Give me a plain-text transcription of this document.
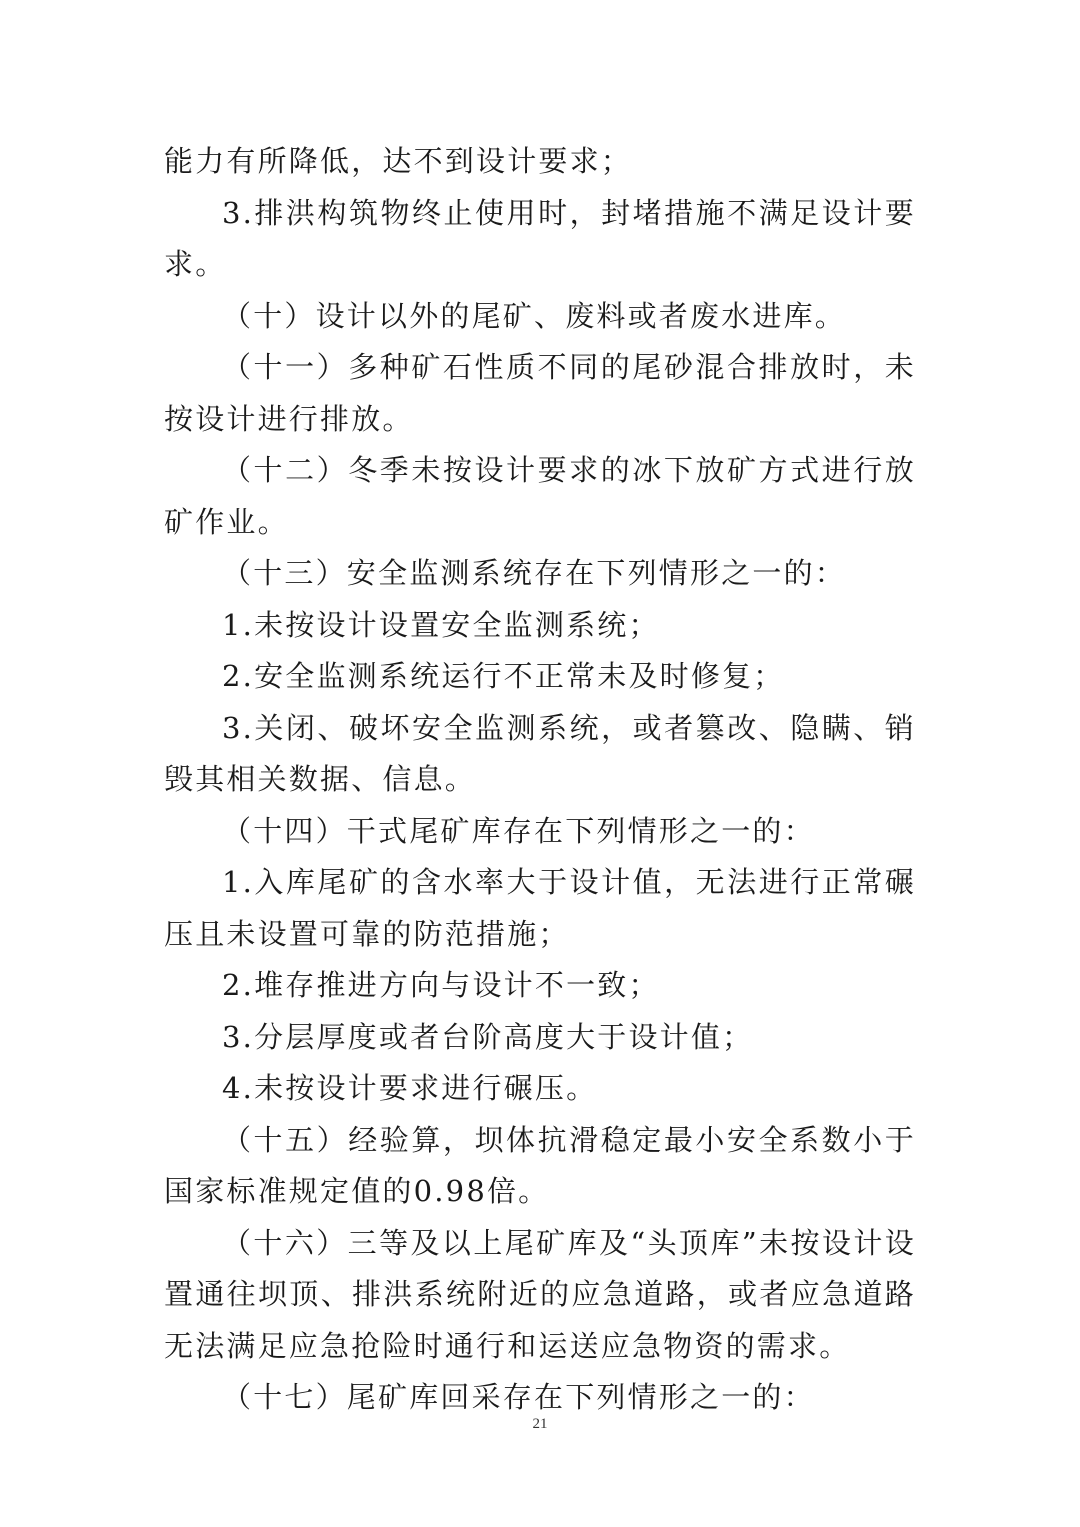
能力有所降低，达不到设计要求；

3.排洪构筑物终止使用时，封堵措施不满足设计要求。

（十）设计以外的尾矿、废料或者废水进库。

（十一）多种矿石性质不同的尾砂混合排放时，未按设计进行排放。

（十二）冬季未按设计要求的冰下放矿方式进行放矿作业。

（十三）安全监测系统存在下列情形之一的：

1.未按设计设置安全监测系统；

2.安全监测系统运行不正常未及时修复；

3.关闭、破坏安全监测系统，或者篡改、隐瞒、销毁其相关数据、信息。

（十四）干式尾矿库存在下列情形之一的：

1.入库尾矿的含水率大于设计值，无法进行正常碾压且未设置可靠的防范措施；

2.堆存推进方向与设计不一致；

3.分层厚度或者台阶高度大于设计值；

4.未按设计要求进行碾压。

（十五）经验算，坝体抗滑稳定最小安全系数小于国家标准规定值的0.98倍。

（十六）三等及以上尾矿库及“头顶库”未按设计设置通往坝顶、排洪系统附近的应急道路，或者应急道路无法满足应急抢险时通行和运送应急物资的需求。

（十七）尾矿库回采存在下列情形之一的：

21
